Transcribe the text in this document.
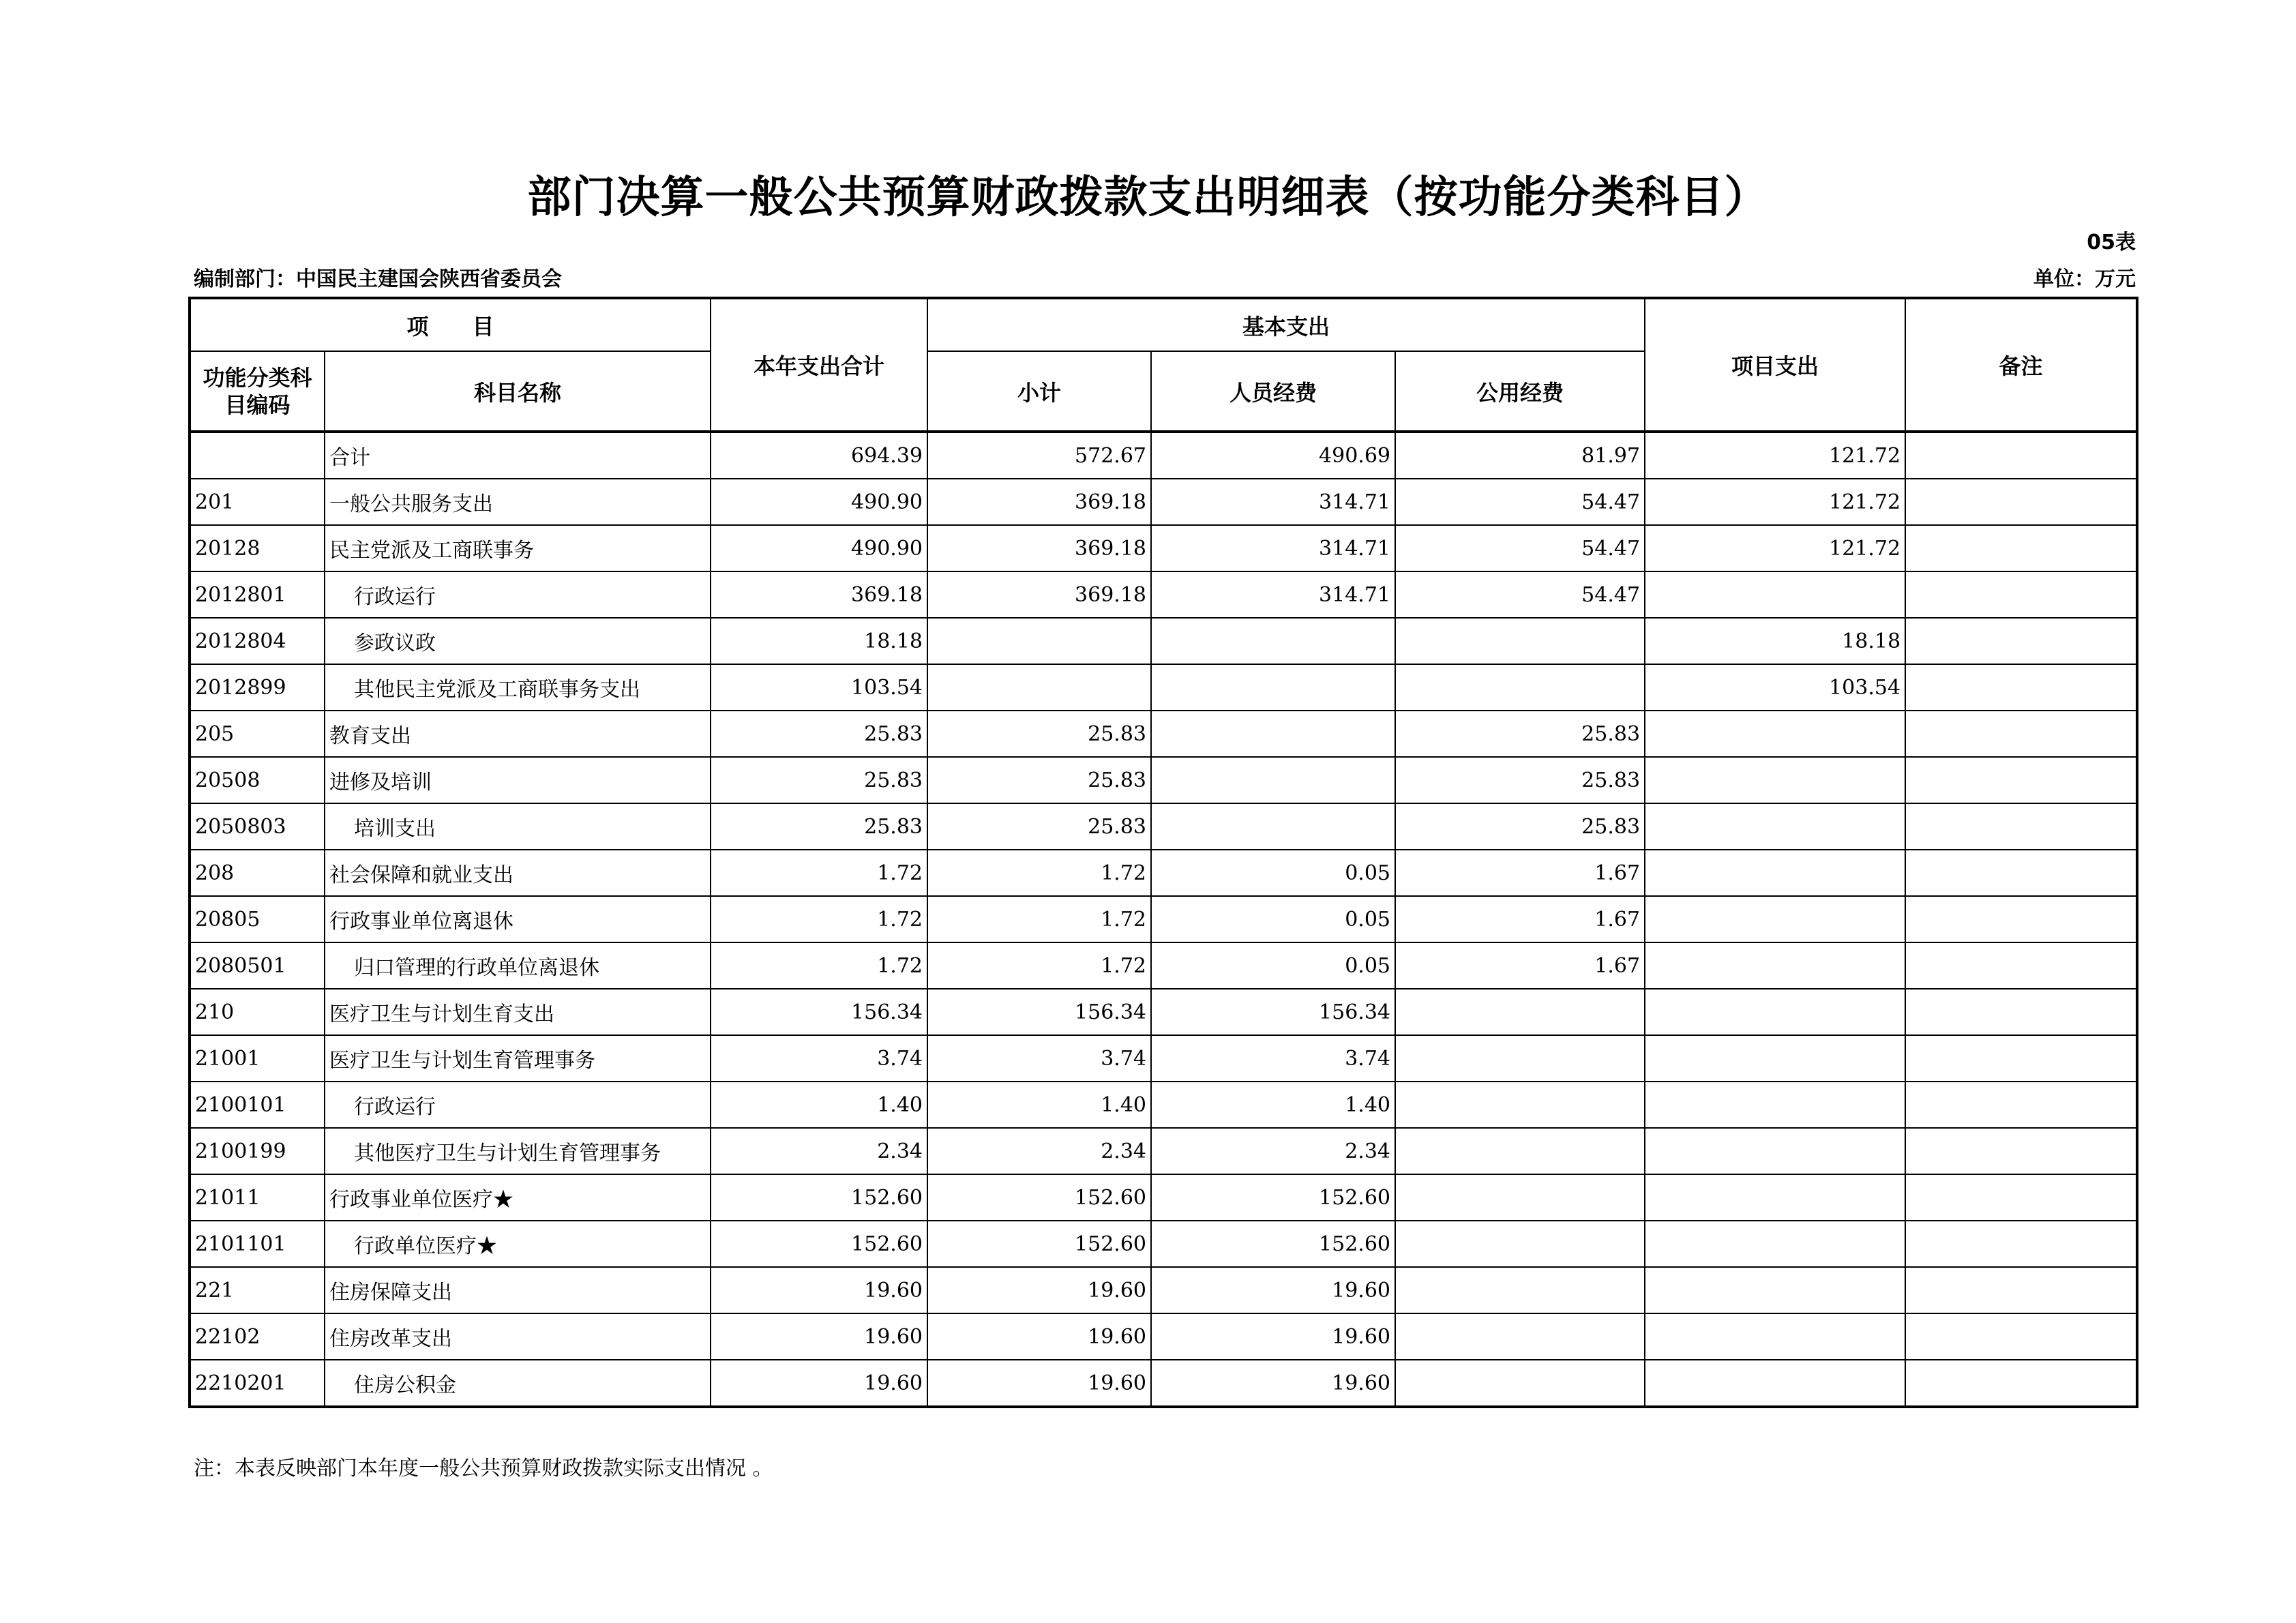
部门决算一般公共预算财政拨款支出明细表（按功能分类科目）
05表
编制部门：中国民主建国会陕西省委员会	单位：万元
项　　目		本年支出合计	基本支出			项目支出	备注
功能分类科目编码	科目名称		小计	人员经费	公用经费		
	合计	694.39	572.67	490.69	81.97	121.72	
201	一般公共服务支出	490.90	369.18	314.71	54.47	121.72	
20128	民主党派及工商联事务	490.90	369.18	314.71	54.47	121.72	
2012801	行政运行	369.18	369.18	314.71	54.47		
2012804	参政议政	18.18				18.18	
2012899	其他民主党派及工商联事务支出	103.54				103.54	
205	教育支出	25.83	25.83		25.83		
20508	进修及培训	25.83	25.83		25.83		
2050803	培训支出	25.83	25.83		25.83		
208	社会保障和就业支出	1.72	1.72	0.05	1.67		
20805	行政事业单位离退休	1.72	1.72	0.05	1.67		
2080501	归口管理的行政单位离退休	1.72	1.72	0.05	1.67		
210	医疗卫生与计划生育支出	156.34	156.34	156.34			
21001	医疗卫生与计划生育管理事务	3.74	3.74	3.74			
2100101	行政运行	1.40	1.40	1.40			
2100199	其他医疗卫生与计划生育管理事务	2.34	2.34	2.34			
21011	行政事业单位医疗★	152.60	152.60	152.60			
2101101	行政单位医疗★	152.60	152.60	152.60			
221	住房保障支出	19.60	19.60	19.60			
22102	住房改革支出	19.60	19.60	19.60			
2210201	住房公积金	19.60	19.60	19.60			
注：本表反映部门本年度一般公共预算财政拨款实际支出情况 。
